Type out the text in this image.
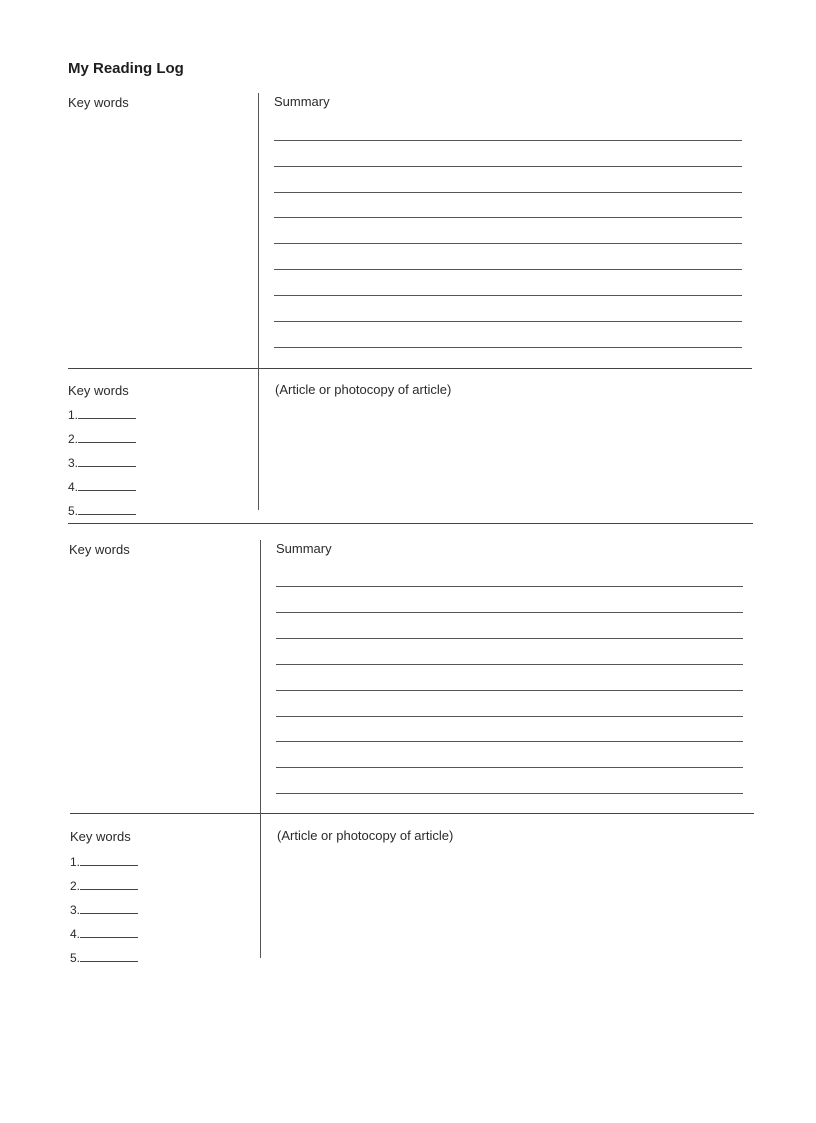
My Reading Log
Key words	Summary
Key words	(Article or photocopy of article)
1.
2.
3.
4.
5.
Key words	Summary
Key words	(Article or photocopy of article)
1.
2.
3.
4.
5.
